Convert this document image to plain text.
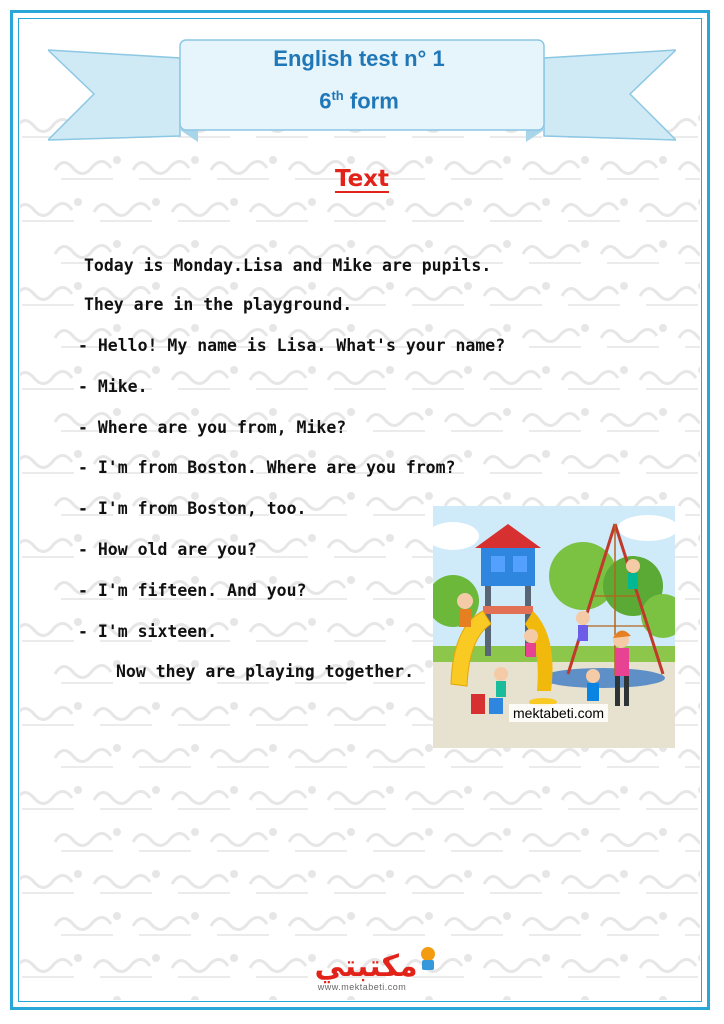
English test n° 1
6th form
Text
Today is Monday.Lisa and Mike are pupils.
They are in the playground.
- Hello! My name is Lisa. What's your name?
- Mike.
- Where are you from, Mike?
- I'm from Boston. Where are you from?
- I'm from Boston, too.
- How old are you?
- I'm fifteen. And you?
- I'm sixteen.
Now they are playing together.
mektabeti.com
مكتبتي
www.mektabeti.com
